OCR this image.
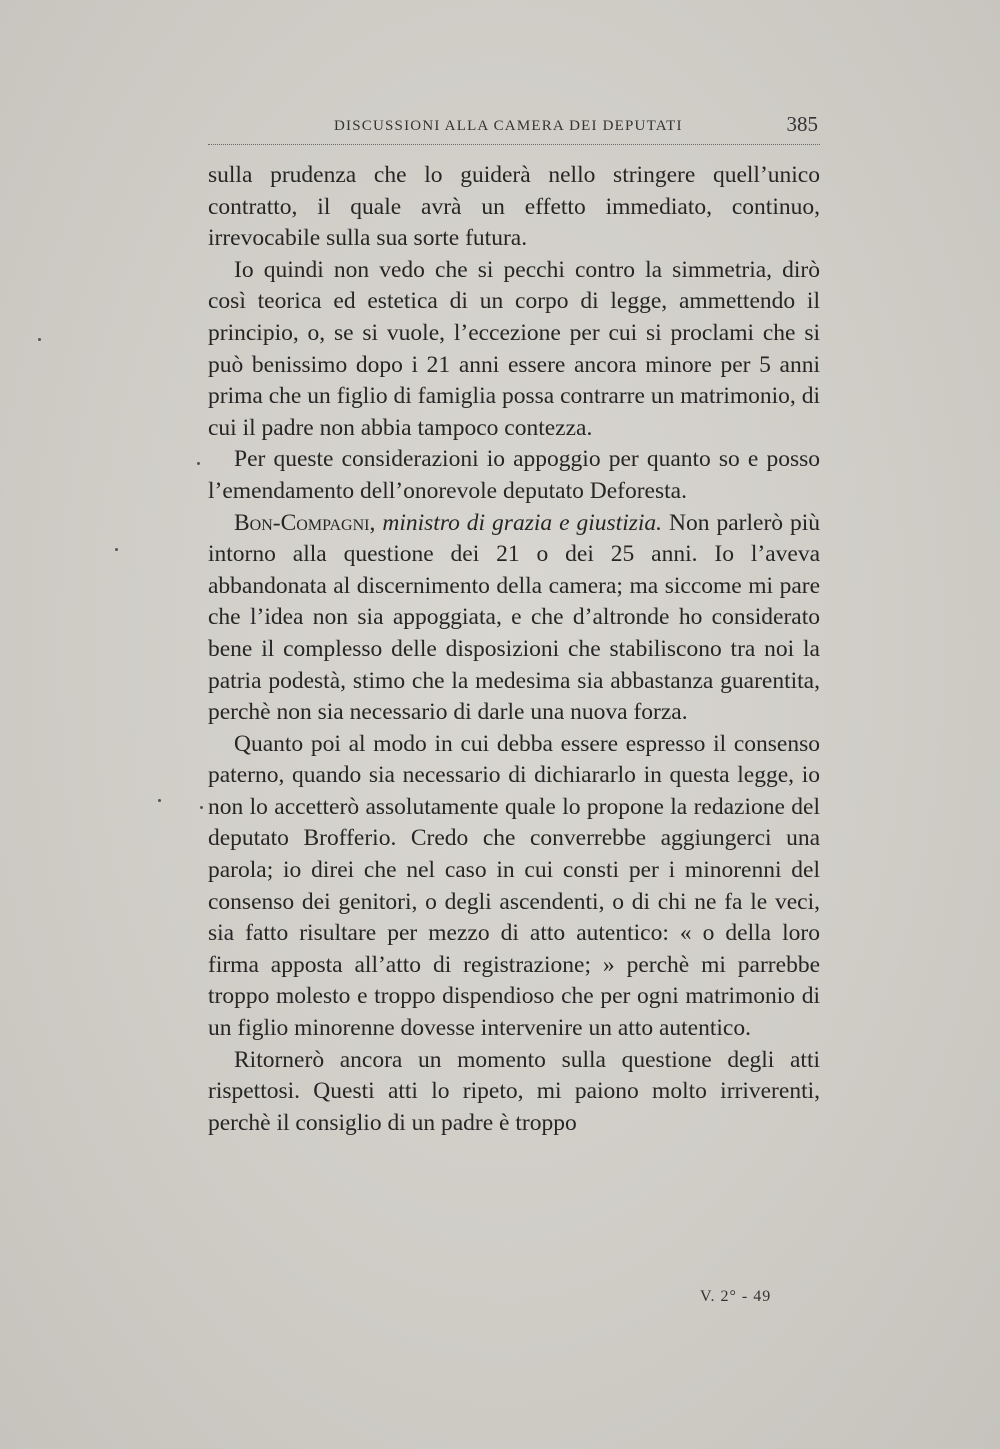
DISCUSSIONI ALLA CAMERA DEI DEPUTATI	385

sulla prudenza che lo guiderà nello stringere quell’unico contratto, il quale avrà un effetto immediato, continuo, irrevocabile sulla sua sorte futura.

Io quindi non vedo che si pecchi contro la simmetria, dirò così teorica ed estetica di un corpo di legge, ammettendo il principio, o, se si vuole, l’eccezione per cui si proclami che si può benissimo dopo i 21 anni essere ancora minore per 5 anni prima che un figlio di famiglia possa contrarre un matrimonio, di cui il padre non abbia tampoco contezza.

Per queste considerazioni io appoggio per quanto so e posso l’emendamento dell’onorevole deputato Deforesta.

Bon-Compagni, ministro di grazia e giustizia. Non parlerò più intorno alla questione dei 21 o dei 25 anni. Io l’aveva abbandonata al discernimento della camera; ma siccome mi pare che l’idea non sia appoggiata, e che d’altronde ho considerato bene il complesso delle disposizioni che stabiliscono tra noi la patria podestà, stimo che la medesima sia abbastanza guarentita, perchè non sia necessario di darle una nuova forza.

Quanto poi al modo in cui debba essere espresso il consenso paterno, quando sia necessario di dichiararlo in questa legge, io non lo accetterò assolutamente quale lo propone la redazione del deputato Brofferio. Credo che converrebbe aggiungerci una parola; io direi che nel caso in cui consti per i minorenni del consenso dei genitori, o degli ascendenti, o di chi ne fa le veci, sia fatto risultare per mezzo di atto autentico: « o della loro firma apposta all’atto di registrazione; » perchè mi parrebbe troppo molesto e troppo dispendioso che per ogni matrimonio di un figlio minorenne dovesse intervenire un atto autentico.

Ritornerò ancora un momento sulla questione degli atti rispettosi. Questi atti lo ripeto, mi paiono molto irriverenti, perchè il consiglio di un padre è troppo

V. 2° - 49
